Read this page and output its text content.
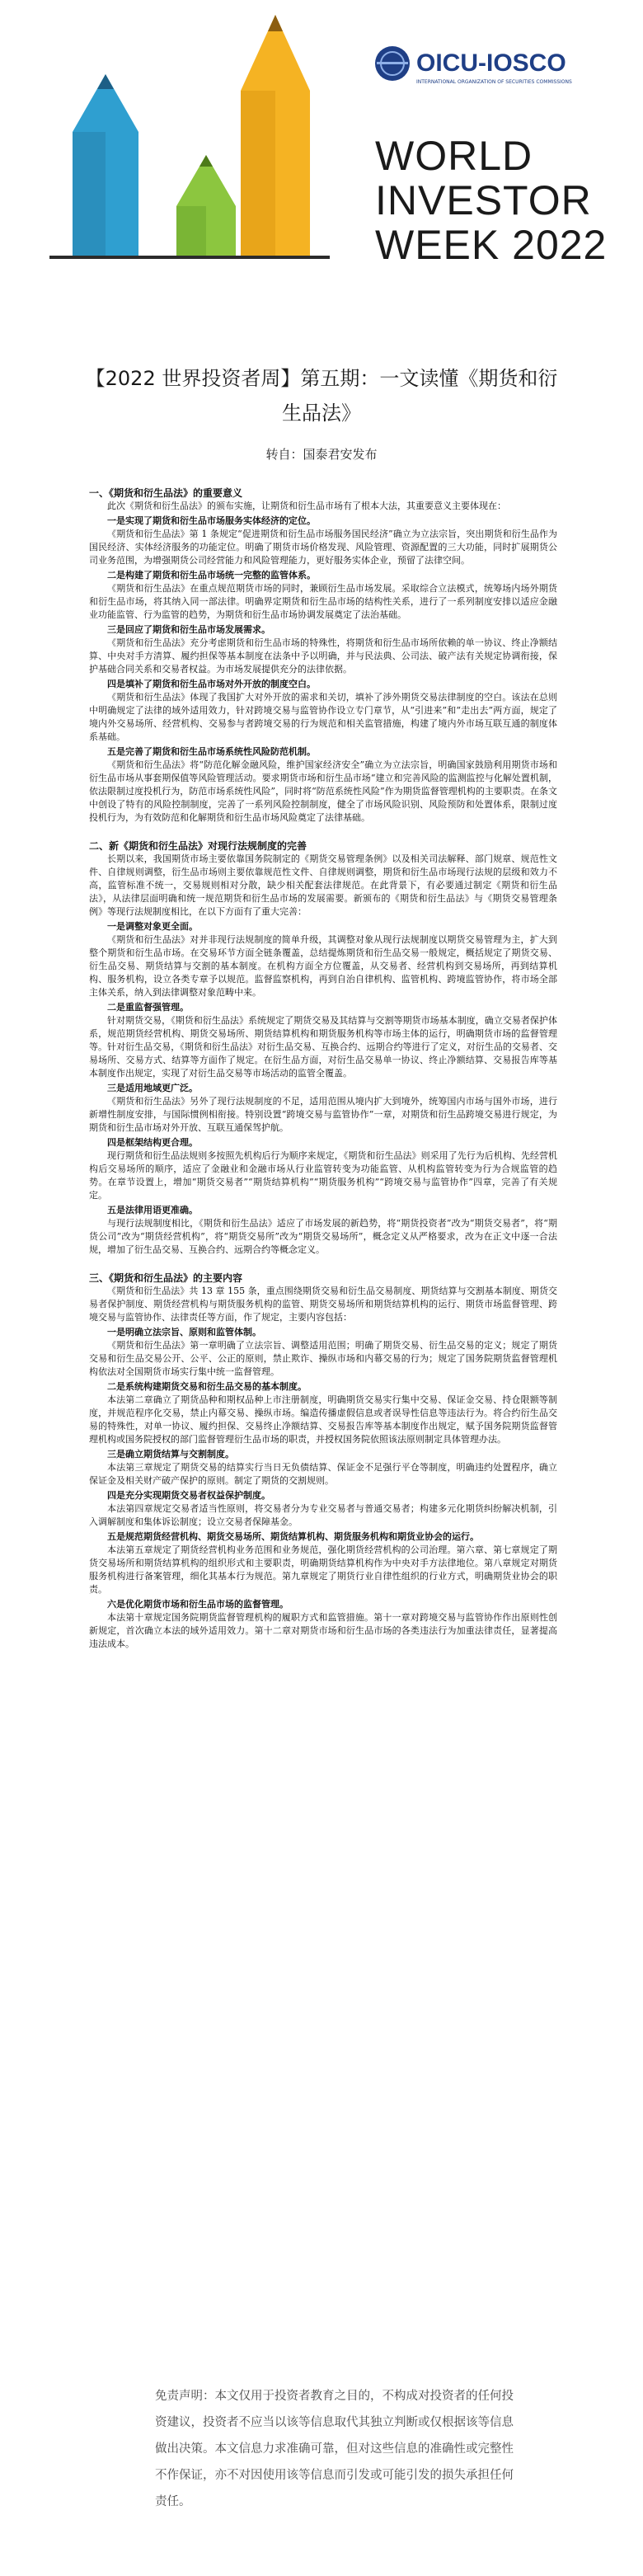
OICU-IOSCO
INTERNATIONAL ORGANIZATION OF SECURITIES COMMISSIONS
WORLD
INVESTOR
WEEK 2022
【2022 世界投资者周】第五期：一文读懂《期货和衍
生品法》
转自：国泰君安发布

一、《期货和衍生品法》的重要意义

此次《期货和衍生品法》的颁布实施，让期货和衍生品市场有了根本大法，其重要意义主要体现在：

一是实现了期货和衍生品市场服务实体经济的定位。

《期货和衍生品法》第 1 条规定“促进期货和衍生品市场服务国民经济”确立为立法宗旨，突出期货和衍生品作为国民经济、实体经济服务的功能定位。明确了期货市场价格发现、风险管理、资源配置的三大功能，同时扩展期货公司业务范围，为增强期货公司经营能力和风险管理能力，更好服务实体企业，预留了法律空间。

二是构建了期货和衍生品市场统一完整的监管体系。

《期货和衍生品法》在重点规范期货市场的同时，兼顾衍生品市场发展。采取综合立法模式，统筹场内场外期货和衍生品市场，将其纳入同一部法律。明确界定期货和衍生品市场的结构性关系，进行了一系列制度安排以适应金融业功能监管、行为监管的趋势，为期货和衍生品市场协调发展奠定了法治基础。

三是回应了期货和衍生品市场发展需求。

《期货和衍生品法》充分考虑期货和衍生品市场的特殊性，将期货和衍生品市场所依赖的单一协议、终止净额结算、中央对手方清算、履约担保等基本制度在法条中予以明确，并与民法典、公司法、破产法有关规定协调衔接，保护基础合同关系和交易者权益。为市场发展提供充分的法律依据。

四是填补了期货和衍生品市场对外开放的制度空白。

《期货和衍生品法》体现了我国扩大对外开放的需求和关切，填补了涉外期货交易法律制度的空白。该法在总则中明确规定了法律的域外适用效力，针对跨境交易与监管协作设立专门章节，从“引进来”和“走出去”两方面，规定了境内外交易场所、经营机构、交易参与者跨境交易的行为规范和相关监管措施，构建了境内外市场互联互通的制度体系基础。

五是完善了期货和衍生品市场系统性风险防范机制。

《期货和衍生品法》将“防范化解金融风险，维护国家经济安全”确立为立法宗旨，明确国家鼓励利用期货市场和衍生品市场从事套期保值等风险管理活动。要求期货市场和衍生品市场“建立和完善风险的监测监控与化解处置机制，依法限制过度投机行为，防范市场系统性风险”，同时将“防范系统性风险”作为期货监督管理机构的主要职责。在条文中创设了特有的风险控制制度，完善了一系列风险控制制度，健全了市场风险识别、风险预防和处置体系，限制过度投机行为，为有效防范和化解期货和衍生品市场风险奠定了法律基础。

二、新《期货和衍生品法》对现行法规制度的完善

长期以来，我国期货市场主要依靠国务院制定的《期货交易管理条例》以及相关司法解释、部门规章、规范性文件、自律规则调整，衍生品市场则主要依靠规范性文件、自律规则调整，期货和衍生品市场现行法规的层级和效力不高，监管标准不统一，交易规则相对分散，缺少相关配套法律规范。在此背景下，有必要通过制定《期货和衍生品法》，从法律层面明确和统一规范期货和衍生品市场的发展需要。新颁布的《期货和衍生品法》与《期货交易管理条例》等现行法规制度相比，在以下方面有了重大完善：

一是调整对象更全面。

《期货和衍生品法》对并非现行法规制度的简单升级，其调整对象从现行法规制度以期货交易管理为主，扩大到整个期货和衍生品市场。在交易环节方面全链条覆盖，总结提炼期货和衍生品交易一般规定，概括规定了期货交易、衍生品交易、期货结算与交割的基本制度。在机构方面全方位覆盖，从交易者、经营机构到交易场所，再到结算机构、服务机构，设立各类专章予以规范。监督监察机构，再到自治自律机构、监管机构、跨境监管协作，将市场全部主体关系，纳入到法律调整对象范畴中来。

二是重监督强管理。

针对期货交易，《期货和衍生品法》系统规定了期货交易及其结算与交割等期货市场基本制度，确立交易者保护体系，规范期货经营机构、期货交易场所、期货结算机构和期货服务机构等市场主体的运行，明确期货市场的监督管理等。针对衍生品交易，《期货和衍生品法》对衍生品交易、互换合约、远期合约等进行了定义，对衍生品的交易者、交易场所、交易方式、结算等方面作了规定。在衍生品方面，对衍生品交易单一协议、终止净额结算、交易报告库等基本制度作出规定，实现了对衍生品交易等市场活动的监管全覆盖。

三是适用地域更广泛。

《期货和衍生品法》另外了现行法规制度的不足，适用范围从境内扩大到境外，统筹国内市场与国外市场，进行新增性制度安排，与国际惯例相衔接。特别设置“跨境交易与监管协作”一章，对期货和衍生品跨境交易进行规定，为期货和衍生品市场对外开放、互联互通保驾护航。

四是框架结构更合理。

现行期货和衍生品法规则多按照先机构后行为顺序来规定，《期货和衍生品法》则采用了先行为后机构、先经营机构后交易场所的顺序，适应了金融业和金融市场从行业监管转变为功能监管、从机构监管转变为行为合规监管的趋势。在章节设置上，增加“期货交易者”“期货结算机构”“期货服务机构”“跨境交易与监管协作”四章，完善了有关规定。

五是法律用语更准确。

与现行法规制度相比，《期货和衍生品法》适应了市场发展的新趋势，将“期货投资者”改为“期货交易者”，将“期货公司”改为“期货经营机构”，将“期货交易所”改为“期货交易场所”，概念定义从严格要求，改为在正文中逐一合法规，增加了衍生品交易、互换合约、远期合约等概念定义。

三、《期货和衍生品法》的主要内容

《期货和衍生品法》共 13 章 155 条，重点围绕期货交易和衍生品交易制度、期货结算与交割基本制度、期货交易者保护制度、期货经营机构与期货服务机构的监管、期货交易场所和期货结算机构的运行、期货市场监督管理、跨境交易与监管协作、法律责任等方面，作了规定，主要内容包括：

一是明确立法宗旨、原则和监管体制。

《期货和衍生品法》第一章明确了立法宗旨、调整适用范围；明确了期货交易、衍生品交易的定义；规定了期货交易和衍生品交易公开、公平、公正的原则，禁止欺诈、操纵市场和内幕交易的行为；规定了国务院期货监督管理机构依法对全国期货市场实行集中统一监督管理。

二是系统构建期货交易和衍生品交易的基本制度。

本法第二章确立了期货品种和期权品种上市注册制度，明确期货交易实行集中交易、保证金交易、持仓限额等制度，并规范程序化交易，禁止内幕交易、操纵市场。编造传播虚假信息或者误导性信息等违法行为。将合约衍生品交易的特殊性，对单一协议、履约担保、交易终止净额结算、交易报告库等基本制度作出规定，赋予国务院期货监督管理机构或国务院授权的部门监督管理衍生品市场的职责，并授权国务院依照该法原则制定具体管理办法。

三是确立期货结算与交割制度。

本法第三章规定了期货交易的结算实行当日无负债结算、保证金不足强行平仓等制度，明确违约处置程序，确立保证金及相关财产破产保护的原则。制定了期货的交割规则。

四是充分实现期货交易者权益保护制度。

本法第四章规定交易者适当性原则，将交易者分为专业交易者与普通交易者；构建多元化期货纠纷解决机制，引入调解制度和集体诉讼制度；设立交易者保障基金。

五是规范期货经营机构、期货交易场所、期货结算机构、期货服务机构和期货业协会的运行。

本法第五章规定了期货经营机构业务范围和业务规范，强化期货经营机构的公司治理。第六章、第七章规定了期货交易场所和期货结算机构的组织形式和主要职责，明确期货结算机构作为中央对手方法律地位。第八章规定对期货服务机构进行备案管理，细化其基本行为规范。第九章规定了期货行业自律性组织的行业方式，明确期货业协会的职责。

六是优化期货市场和衍生品市场的监督管理。

本法第十章规定国务院期货监督管理机构的履职方式和监管措施。第十一章对跨境交易与监管协作作出原则性创新规定，首次确立本法的域外适用效力。第十二章对期货市场和衍生品市场的各类违法行为加重法律责任，显著提高违法成本。

免责声明：本文仅用于投资者教育之目的，不构成对投资者的任何投资建议，投资者不应当以该等信息取代其独立判断或仅根据该等信息做出决策。本文信息力求准确可靠，但对这些信息的准确性或完整性不作保证，亦不对因使用该等信息而引发或可能引发的损失承担任何责任。
